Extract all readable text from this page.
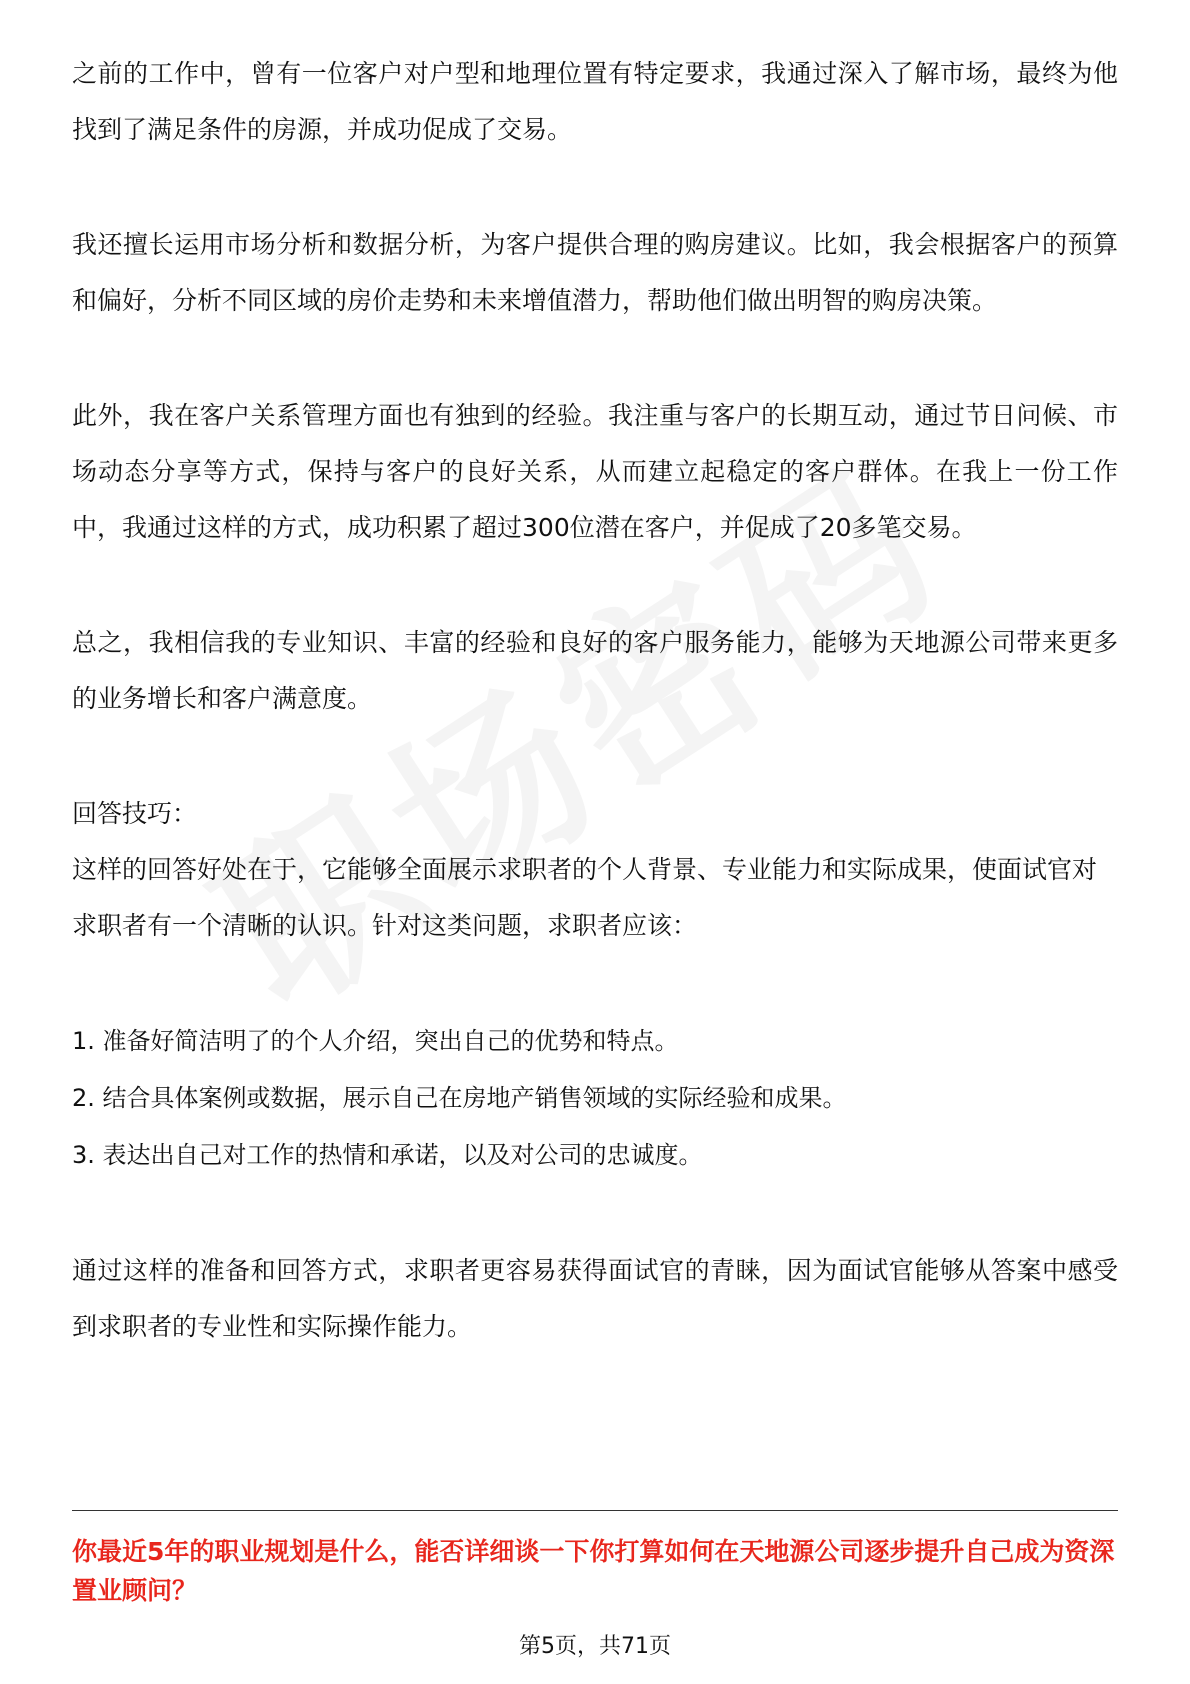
之前的工作中，曾有一位客户对户型和地理位置有特定要求，我通过深入了解市场，最终为他找到了满足条件的房源，并成功促成了交易。

我还擅长运用市场分析和数据分析，为客户提供合理的购房建议。比如，我会根据客户的预算和偏好，分析不同区域的房价走势和未来增值潜力，帮助他们做出明智的购房决策。

此外，我在客户关系管理方面也有独到的经验。我注重与客户的长期互动，通过节日问候、市场动态分享等方式，保持与客户的良好关系，从而建立起稳定的客户群体。在我上一份工作中，我通过这样的方式，成功积累了超过300位潜在客户，并促成了20多笔交易。

总之，我相信我的专业知识、丰富的经验和良好的客户服务能力，能够为天地源公司带来更多的业务增长和客户满意度。

回答技巧：

这样的回答好处在于，它能够全面展示求职者的个人背景、专业能力和实际成果，使面试官对求职者有一个清晰的认识。针对这类问题，求职者应该：

1. 准备好简洁明了的个人介绍，突出自己的优势和特点。
2. 结合具体案例或数据，展示自己在房地产销售领域的实际经验和成果。
3. 表达出自己对工作的热情和承诺，以及对公司的忠诚度。

通过这样的准备和回答方式，求职者更容易获得面试官的青睐，因为面试官能够从答案中感受到求职者的专业性和实际操作能力。

你最近5年的职业规划是什么，能否详细谈一下你打算如何在天地源公司逐步提升自己成为资深置业顾问？
第5页，共71页
